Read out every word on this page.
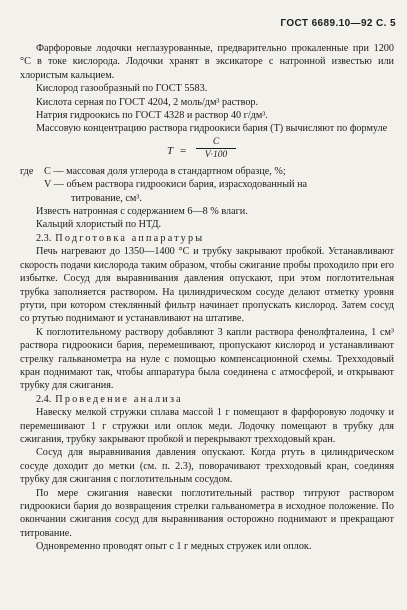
ГОСТ 6689.10—92 С. 5

Фарфоровые лодочки неглазурованные, предварительно прокаленные при 1200 °С в токе кислорода. Лодочки хранят в эксикаторе с натронной известью или хлористым кальцием.

Кислород газообразный по ГОСТ 5583.

Кислота серная по ГОСТ 4204, 2 моль/дм³ раствор.

Натрия гидроокись по ГОСТ 4328 и раствор 40 г/дм³.

Массовую концентрацию раствора гидроокиси бария (Т) вычисляют по формуле

$T = \frac{C}{V\cdot 100}$
где	C — массовая доля углерода в стандартном образце, %;
V — объем раствора гидроокиси бария, израсходованный на

титрование, см³.

Известь натронная с содержанием 6—8 % влаги.

Кальций хлористый по НТД.

2.3. Подготовка аппаратуры

Печь нагревают до 1350—1400 °С и трубку закрывают пробкой. Устанавливают скорость подачи кислорода таким образом, чтобы сжигание пробы проходило при его избытке. Сосуд для выравнивания давления опускают, при этом поглотительная трубка заполняется раствором. На цилиндрическом сосуде делают отметку уровня ртути, при котором стеклянный фильтр начинает пропускать кислород. Затем сосуд со ртутью поднимают и устанавливают на штативе.

К поглотительному раствору добавляют 3 капли раствора фенолфталеина, 1 см³ раствора гидроокиси бария, перемешивают, пропускают кислород и устанавливают стрелку гальванометра на нуле с помощью компенсационной схемы. Трехходовый кран поднимают так, чтобы аппаратура была соединена с атмосферой, и открывают трубку для сжигания.

2.4. Проведение анализа

Навеску мелкой стружки сплава массой 1 г помещают в фарфоровую лодочку и перемешивают 1 г стружки или оплок меди. Лодочку помещают в трубку для сжигания, трубку закрывают пробкой и перекрывают трехходовый кран.

Сосуд для выравнивания давления опускают. Когда ртуть в цилиндрическом сосуде доходит до метки (см. п. 2.3), поворачивают трехходовый кран, соединяя трубку для сжигания с поглотительным сосудом.

По мере сжигания навески поглотительный раствор титруют раствором гидроокиси бария до возвращения стрелки гальванометра в исходное положение. По окончании сжигания сосуд для выравнивания осторожно поднимают и прекращают титрование.

Одновременно проводят опыт с 1 г медных стружек или оплок.
